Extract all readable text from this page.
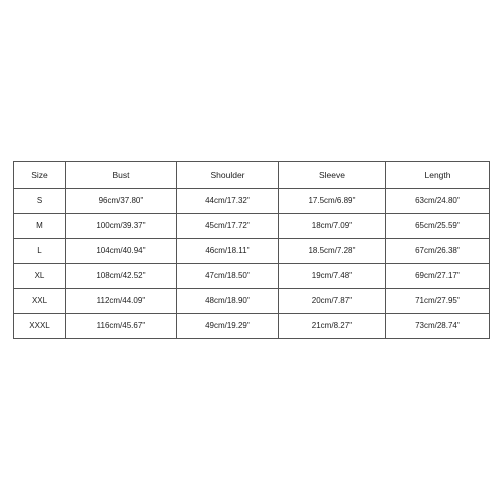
Size	Bust	Shoulder	Sleeve	Length
S	96cm/37.80''	44cm/17.32''	17.5cm/6.89''	63cm/24.80''
M	100cm/39.37''	45cm/17.72''	18cm/7.09''	65cm/25.59''
L	104cm/40.94''	46cm/18.11''	18.5cm/7.28''	67cm/26.38''
XL	108cm/42.52''	47cm/18.50''	19cm/7.48''	69cm/27.17''
XXL	112cm/44.09''	48cm/18.90''	20cm/7.87''	71cm/27.95''
XXXL	116cm/45.67''	49cm/19.29''	21cm/8.27''	73cm/28.74''
